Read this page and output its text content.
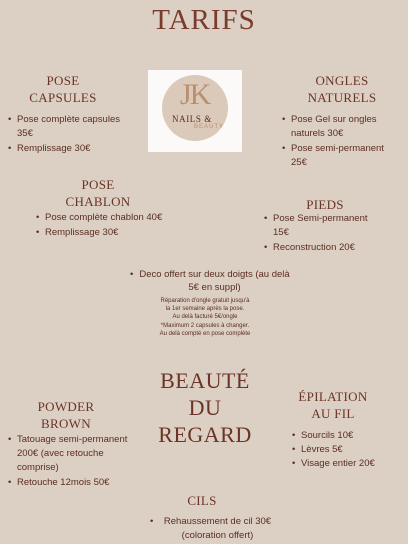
TARIFS
JK
NAILS &
BEAUTY
POSE
CAPSULES
• Pose complète capsules 35€
• Remplissage 30€
ONGLES
NATURELS
• Pose Gel sur ongles naturels 30€
• Pose semi-permanent 25€
POSE
CHABLON
• Pose complète chablon 40€
• Remplissage 30€
PIEDS
• Pose Semi-permanent 15€
• Reconstruction 20€
• Deco offert sur deux doigts (au delà 5€ en suppl)
Réparation d'ongle gratuit jusqu'à
la 1er semaine après la pose.
Au delà facturé 5€/ongle
*Maximum 2 capsules à changer.
Au delà compté en pose complète
POWDER
BROWN
• Tatouage semi-permanent 200€ (avec retouche comprise)
• Retouche 12mois 50€
BEAUTÉ
DU
REGARD
ÉPILATION
AU FIL
• Sourcils 10€
• Lèvres 5€
• Visage entier 20€
CILS
• Rehaussement de cil 30€ (coloration offert)
